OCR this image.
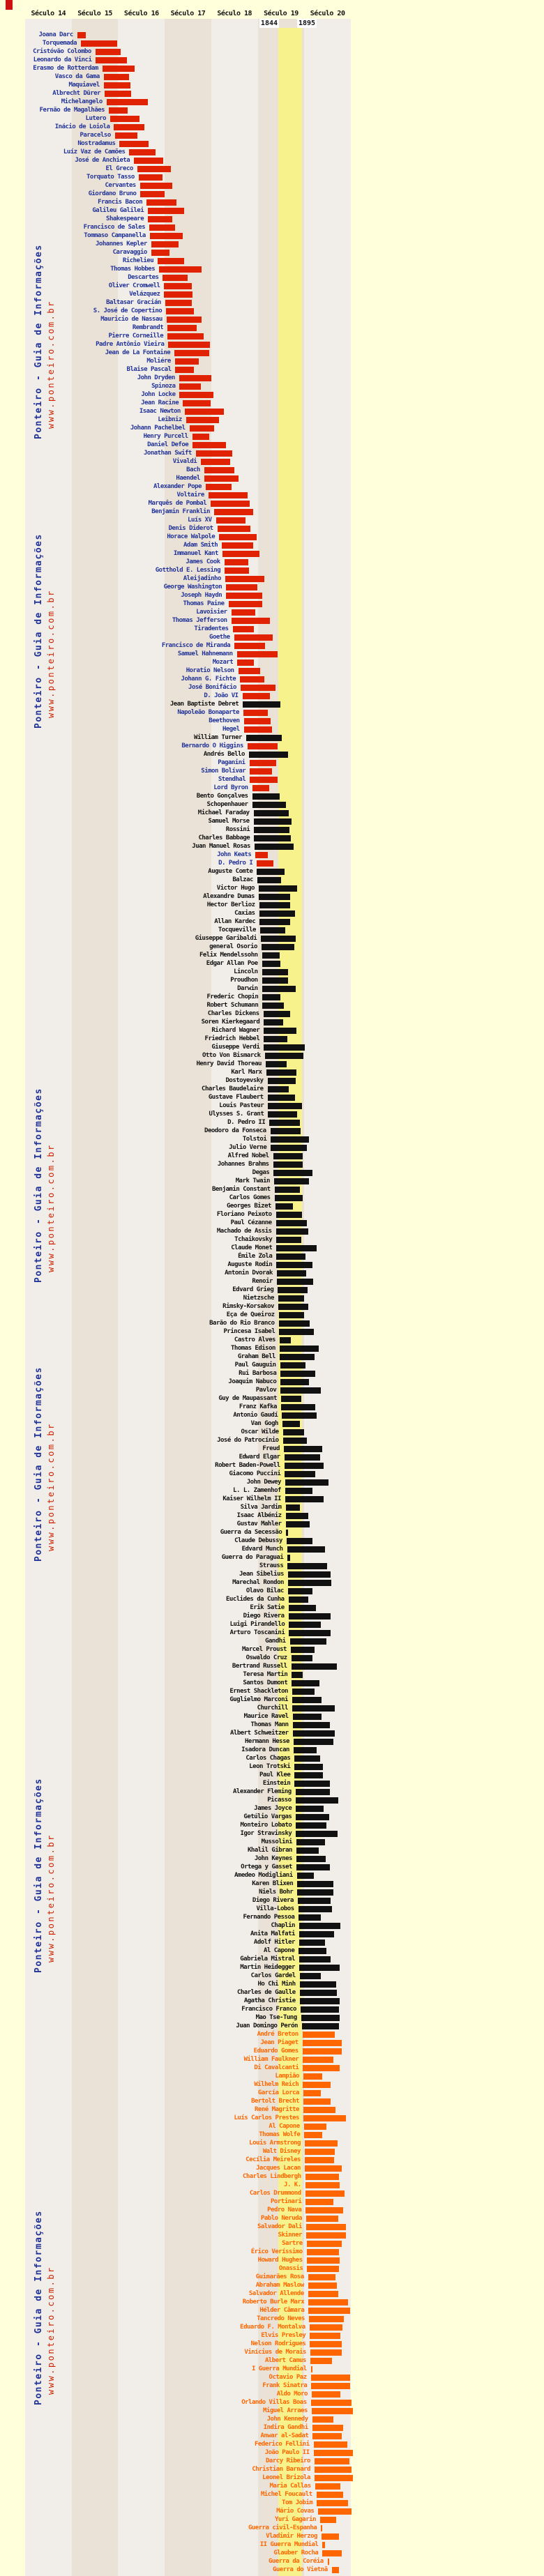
Século 14	Século 15	Século 16	Século 17	Século 18	Século 19	Século 20
1844	1895
Ponteiro - Guia de Informações www.ponteiro.com.br
Ponteiro - Guia de Informações www.ponteiro.com.br
Ponteiro - Guia de Informações www.ponteiro.com.br
Ponteiro - Guia de Informações www.ponteiro.com.br
Ponteiro - Guia de Informações www.ponteiro.com.br
Ponteiro - Guia de Informações www.ponteiro.com.br
Joana Darc
Torquemada
Cristóvão Colombo
Leonardo da Vinci
Erasmo de Rotterdam
Vasco da Gama
Maquiavel
Albrecht Dürer
Michelangelo
Fernão de Magalhães
Lutero
Inácio de Loiola
Paracelso
Nostradamus
Luíz Vaz de Camões
José de Anchieta
El Greco
Torquato Tasso
Cervantes
Giordano Bruno
Francis Bacon
Galileu Galilei
Shakespeare
Francisco de Sales
Tommaso Campanella
Johannes Kepler
Caravaggio
Richelieu
Thomas Hobbes
Descartes
Oliver Cromwell
Velázquez
Baltasar Gracián
S. José de Copertino
Mauricio de Nassau
Rembrandt
Pierre Corneille
Padre Antônio Vieira
Jean de La Fontaine
Moliére
Blaise Pascal
John Dryden
Spinoza
John Locke
Jean Racine
Isaac Newton
Leibniz
Johann Pachelbel
Henry Purcell
Daniel Defoe
Jonathan Swift
Vivaldi
Bach
Haendel
Alexander Pope
Voltaire
Marquês de Pombal
Benjamin Franklin
Luís XV
Denis Diderot
Horace Walpole
Adam Smith
Immanuel Kant
James Cook
Gotthold E. Lessing
Aleijadinho
George Washington
Joseph Haydn
Thomas Paine
Lavoisier
Thomas Jefferson
Tiradentes
Goethe
Francisco de Miranda
Samuel Hahnemann
Mozart
Horatio Nelson
Johann G. Fichte
José Bonifácio
D. João VI
Jean Baptiste Debret
Napoleão Bonaparte
Beethoven
Hegel
William Turner
Bernardo O Higgins
Andrés Bello
Paganini
Simon Bolívar
Stendhal
Lord Byron
Bento Gonçalves
Schopenhauer
Michael Faraday
Samuel Morse
Rossini
Charles Babbage
Juan Manuel Rosas
John Keats
D. Pedro I
Auguste Comte
Balzac
Victor Hugo
Alexandre Dumas
Hector Berlioz
Caxias
Allan Kardec
Tocqueville
Giuseppe Garibaldi
general Osorio
Felix Mendelssohn
Edgar Allan Poe
Lincoln
Proudhon
Darwin
Frederic Chopin
Robert Schumann
Charles Dickens
Soren Kierkegaard
Richard Wagner
Friedrich Hebbel
Giuseppe Verdi
Otto Von Bismarck
Henry David Thoreau
Karl Marx
Dostoyevsky
Charles Baudelaire
Gustave Flaubert
Louis Pasteur
Ulysses S. Grant
D. Pedro II
Deodoro da Fonseca
Tolstoi
Julio Verne
Alfred Nobel
Johannes Brahms
Degas
Mark Twain
Benjamin Constant
Carlos Gomes
Georges Bizet
Floriano Peixoto
Paul Cézanne
Machado de Assis
Tchaikovsky
Claude Monet
Émile Zola
Auguste Rodin
Antonin Dvorak
Renoir
Edvard Grieg
Nietzsche
Rimsky-Korsakov
Eça de Queiroz
Barão do Rio Branco
Princesa Isabel
Castro Alves
Thomas Edison
Graham Bell
Paul Gauguin
Rui Barbosa
Joaquim Nabuco
Pavlov
Guy de Maupassant
Franz Kafka
Antonio Gaudí
Van Gogh
Oscar Wilde
José do Patrocínio
Freud
Edward Elgar
Robert Baden-Powell
Giacomo Puccini
John Dewey
L. L. Zamenhof
Kaiser Wilhelm II
Silva Jardim
Isaac Albéniz
Gustav Mahler
Guerra da Secessão
Claude Debussy
Edvard Munch
Guerra do Paraguai
Strauss
Jean Sibelius
Marechal Rondon
Olavo Bilac
Euclides da Cunha
Erik Satie
Diego Rivera
Luigi Pirandello
Arturo Toscanini
Gandhi
Marcel Proust
Oswaldo Cruz
Bertrand Russell
Teresa Martin
Santos Dumont
Ernest Shackleton
Guglielmo Marconi
Churchill
Maurice Ravel
Thomas Mann
Albert Schweitzer
Hermann Hesse
Isadora Duncan
Carlos Chagas
Leon Trotski
Paul Klee
Einstein
Alexander Fleming
Picasso
James Joyce
Getúlio Vargas
Monteiro Lobato
Igor Stravinsky
Mussolini
Khalil Gibran
John Keynes
Ortega y Gasset
Amedeo Modigliani
Karen Blixen
Niels Bohr
Diego Rivera
Villa-Lobos
Fernando Pessoa
Chaplin
Anita Malfati
Adolf Hitler
Al Capone
Gabriela Mistral
Martin Heidegger
Carlos Gardel
Ho Chi Minh
Charles de Gaulle
Agatha Christie
Francisco Franco
Mao Tse-Tung
Juan Domingo Perón
André Breton
Jean Piaget
Eduardo Gomes
William Faulkner
Di Cavalcanti
Lampião
Wilhelm Reich
García Lorca
Bertolt Brecht
René Magritte
Luís Carlos Prestes
Al Capone
Thomas Wolfe
Louis Armstrong
Walt Disney
Cecília Meireles
Jacques Lacan
Charles Lindbergh
J. K.
Carlos Drummond
Portinari
Pedro Nava
Pablo Neruda
Salvador Dali
Skinner
Sartre
Érico Veríssimo
Howard Hughes
Onassis
Guimarães Rosa
Abraham Maslow
Salvador Allende
Roberto Burle Marx
Hélder Câmara
Tancredo Neves
Eduardo F. Montalva
Elvis Presley
Nelson Rodrigues
Vinícius de Morais
Albert Camus
I Guerra Mundial
Octavio Paz
Frank Sinatra
Aldo Moro
Orlando Villas Boas
Miguel Arraes
John Kennedy
Indira Gandhi
Anwar al-Sadat
Federico Fellini
João Paulo II
Darcy Ribeiro
Christian Barnard
Leonel Brizola
Maria Callas
Michel Foucault
Tom Jobim
Mário Covas
Yuri Gagarin
Guerra civil-Espanha
Vladimir Herzog
II Guerra Mundial
Glauber Rocha
Guerra da Coréia
Guerra do Vietnã
